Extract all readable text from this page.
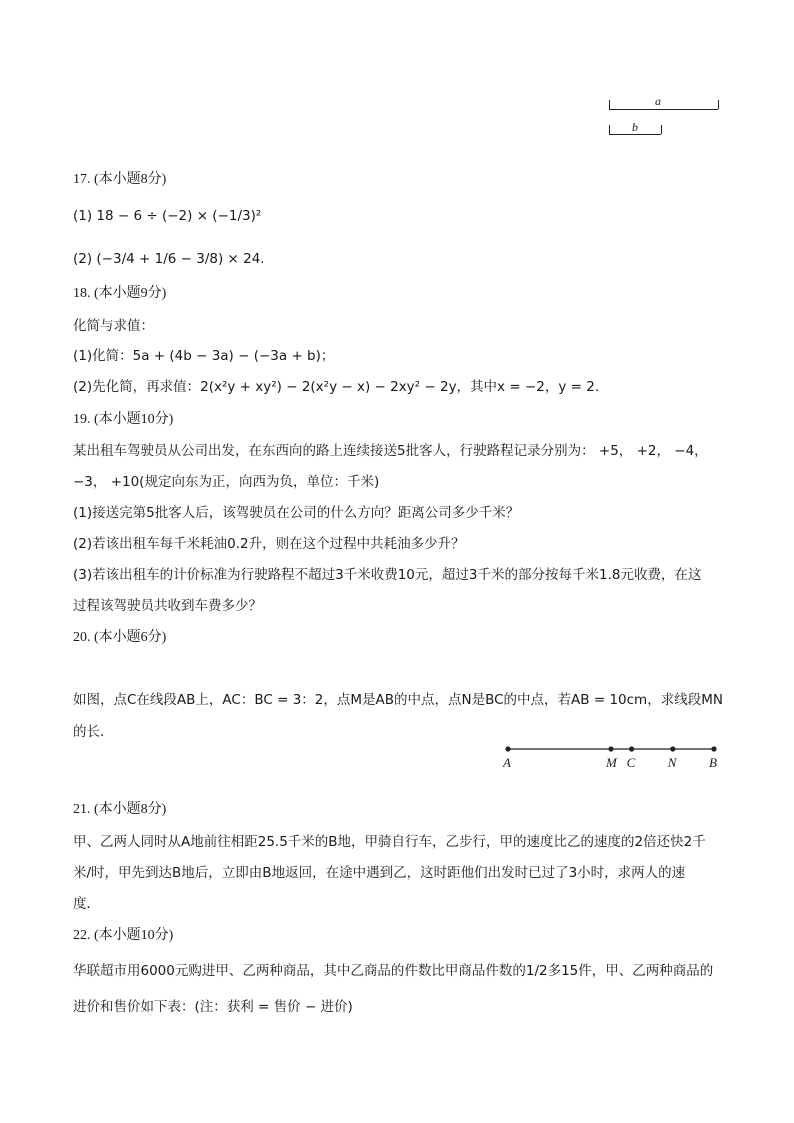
a
b
17. (本小题8分)
(1) 18 − 6 ÷ (−2) × (−1/3)²
(2) (−3/4 + 1/6 − 3/8) × 24.
18. (本小题9分)
化简与求值：
(1)化简：5a + (4b − 3a) − (−3a + b)；
(2)先化简，再求值：2(x²y + xy²) − 2(x²y − x) − 2xy² − 2y，其中x = −2，y = 2．
19. (本小题10分)
某出租车驾驶员从公司出发，在东西向的路上连续接送5批客人，行驶路程记录分别为： +5， +2， −4，
−3， +10(规定向东为正，向西为负，单位：千米)
(1)接送完第5批客人后，该驾驶员在公司的什么方向？距离公司多少千米？
(2)若该出租车每千米耗油0.2升，则在这个过程中共耗油多少升？
(3)若该出租车的计价标准为行驶路程不超过3千米收费10元，超过3千米的部分按每千米1.8元收费，在这
过程该驾驶员共收到车费多少？
20. (本小题6分)
如图，点C在线段AB上，AC：BC = 3：2，点M是AB的中点，点N是BC的中点，若AB = 10cm，求线段MN
的长．
A	M C	N	B
21. (本小题8分)
甲、乙两人同时从A地前往相距25.5千米的B地，甲骑自行车，乙步行，甲的速度比乙的速度的2倍还快2千
米/时，甲先到达B地后，立即由B地返回，在途中遇到乙，这时距他们出发时已过了3小时，求两人的速
度．
22. (本小题10分)
华联超市用6000元购进甲、乙两种商品，其中乙商品的件数比甲商品件数的1/2多15件，甲、乙两种商品的
进价和售价如下表：(注：获利 = 售价 − 进价)
